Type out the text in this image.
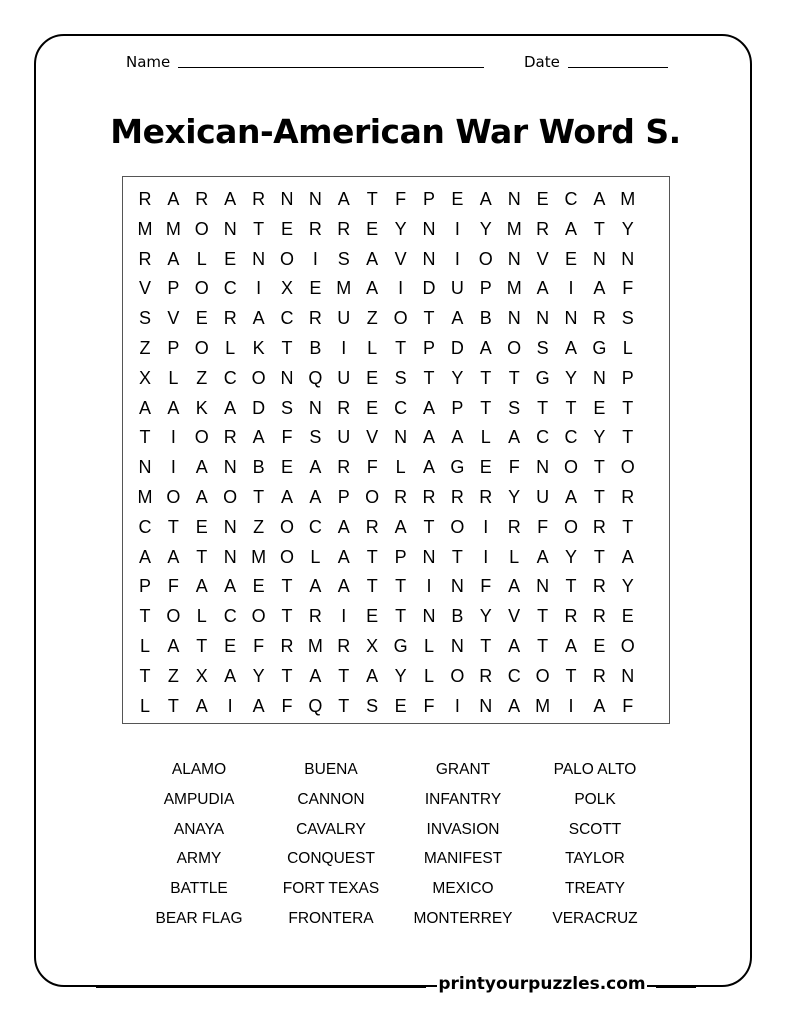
Name	Date
Mexican-American War Word S.
R A R A R N N A T F P E A N E C A M
M M O N T E R R E Y N	I	Y M R A T Y
R A L E N O	I	S A V N	I	O N V E N N
V P O C	I	X E M A	I	D U P M A	I	A F
S V E R A C R U Z O T A B N N N R S
Z P O L K T B	I	L T P D A O S A G L
X L Z C O N Q U E S T Y T T G Y N P
A A K A D S N R E C A P T S T T E T
T	I	O R A F S U V N A A L A C C Y T
N	I	A N B E A R F L A G E F N O T O
M O A O T A A P O R R R R Y U A T R
C T E N Z O C A R A T O	I	R F O R T
A A T N M O L A T P N T	I	L A Y T A
P F A A E T A A T T	I	N F A N T R Y
T O L C O T R	I	E T N B Y V T R R E
L A T E F R M R X G L N T A T A E O
T Z X A Y T A T A Y L O R C O T R N
L T A	I	A F Q T S E F	I	N A M	I	A F
ALAMO
AMPUDIA
ANAYA
ARMY
BATTLE
BEAR FLAG
BUENA
CANNON
CAVALRY
CONQUEST
FORT TEXAS
FRONTERA
GRANT
INFANTRY
INVASION
MANIFEST
MEXICO
MONTERREY
PALO ALTO
POLK
SCOTT
TAYLOR
TREATY
VERACRUZ
printyourpuzzles.com
